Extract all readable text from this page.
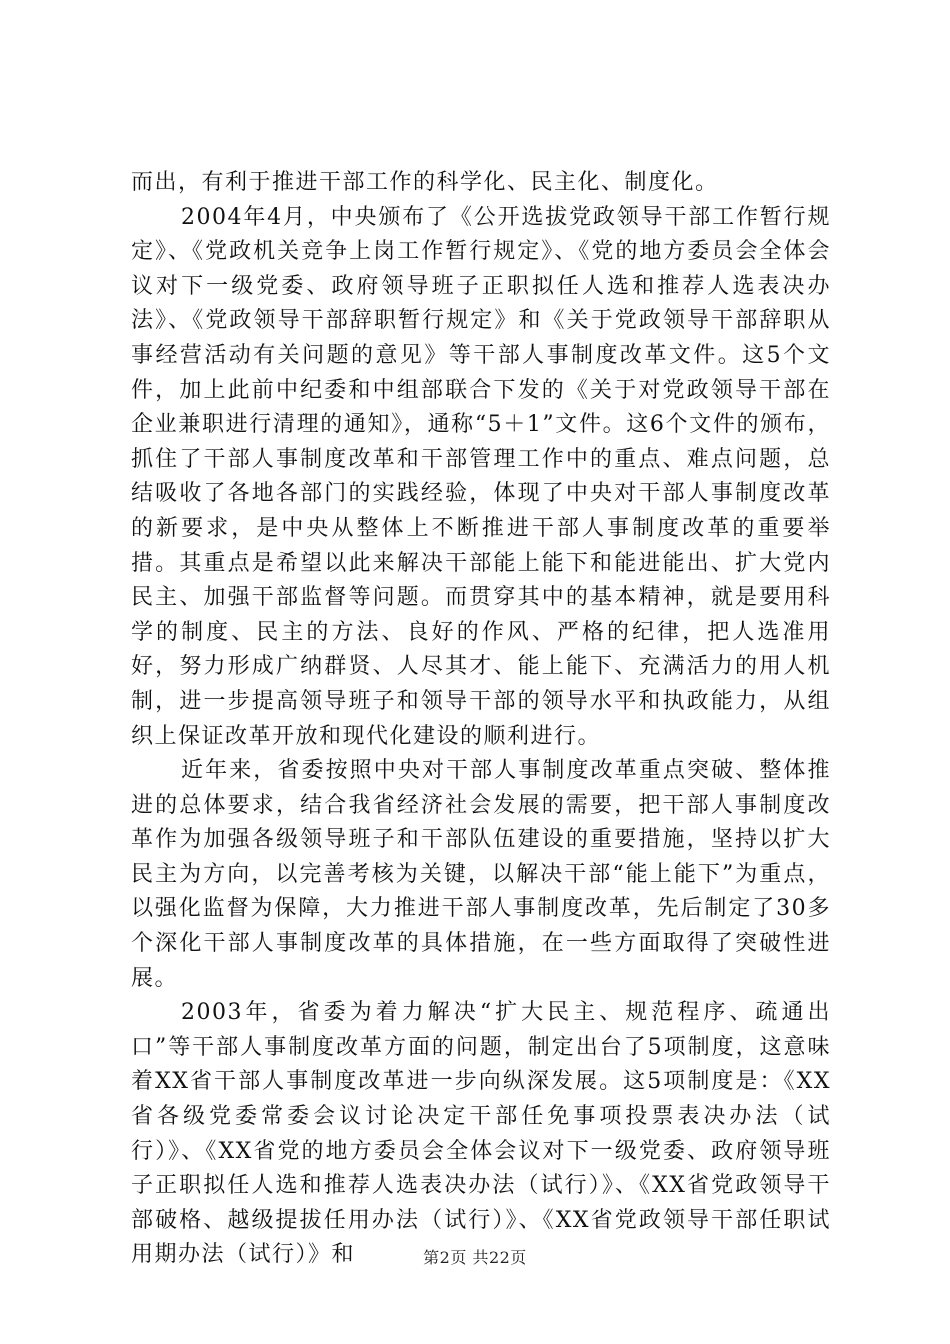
而出，有利于推进干部工作的科学化、民主化、制度化。

2004年4月，中央颁布了《公开选拔党政领导干部工作暂行规定》、《党政机关竞争上岗工作暂行规定》、《党的地方委员会全体会议对下一级党委、政府领导班子正职拟任人选和推荐人选表决办法》、《党政领导干部辞职暂行规定》和《关于党政领导干部辞职从事经营活动有关问题的意见》等干部人事制度改革文件。这5个文件，加上此前中纪委和中组部联合下发的《关于对党政领导干部在企业兼职进行清理的通知》，通称“5＋1”文件。这6个文件的颁布，抓住了干部人事制度改革和干部管理工作中的重点、难点问题，总结吸收了各地各部门的实践经验，体现了中央对干部人事制度改革的新要求，是中央从整体上不断推进干部人事制度改革的重要举措。其重点是希望以此来解决干部能上能下和能进能出、扩大党内民主、加强干部监督等问题。而贯穿其中的基本精神，就是要用科学的制度、民主的方法、良好的作风、严格的纪律，把人选准用好，努力形成广纳群贤、人尽其才、能上能下、充满活力的用人机制，进一步提高领导班子和领导干部的领导水平和执政能力，从组织上保证改革开放和现代化建设的顺利进行。

近年来，省委按照中央对干部人事制度改革重点突破、整体推进的总体要求，结合我省经济社会发展的需要，把干部人事制度改革作为加强各级领导班子和干部队伍建设的重要措施，坚持以扩大民主为方向，以完善考核为关键，以解决干部“能上能下”为重点，以强化监督为保障，大力推进干部人事制度改革，先后制定了30多个深化干部人事制度改革的具体措施，在一些方面取得了突破性进展。

2003年，省委为着力解决“扩大民主、规范程序、疏通出口”等干部人事制度改革方面的问题，制定出台了5项制度，这意味着XX省干部人事制度改革进一步向纵深发展。这5项制度是：《XX省各级党委常委会议讨论决定干部任免事项投票表决办法（试行）》、《XX省党的地方委员会全体会议对下一级党委、政府领导班子正职拟任人选和推荐人选表决办法（试行）》、《XX省党政领导干部破格、越级提拔任用办法（试行）》、《XX省党政领导干部任职试用期办法（试行）》和	第2页 共22页
